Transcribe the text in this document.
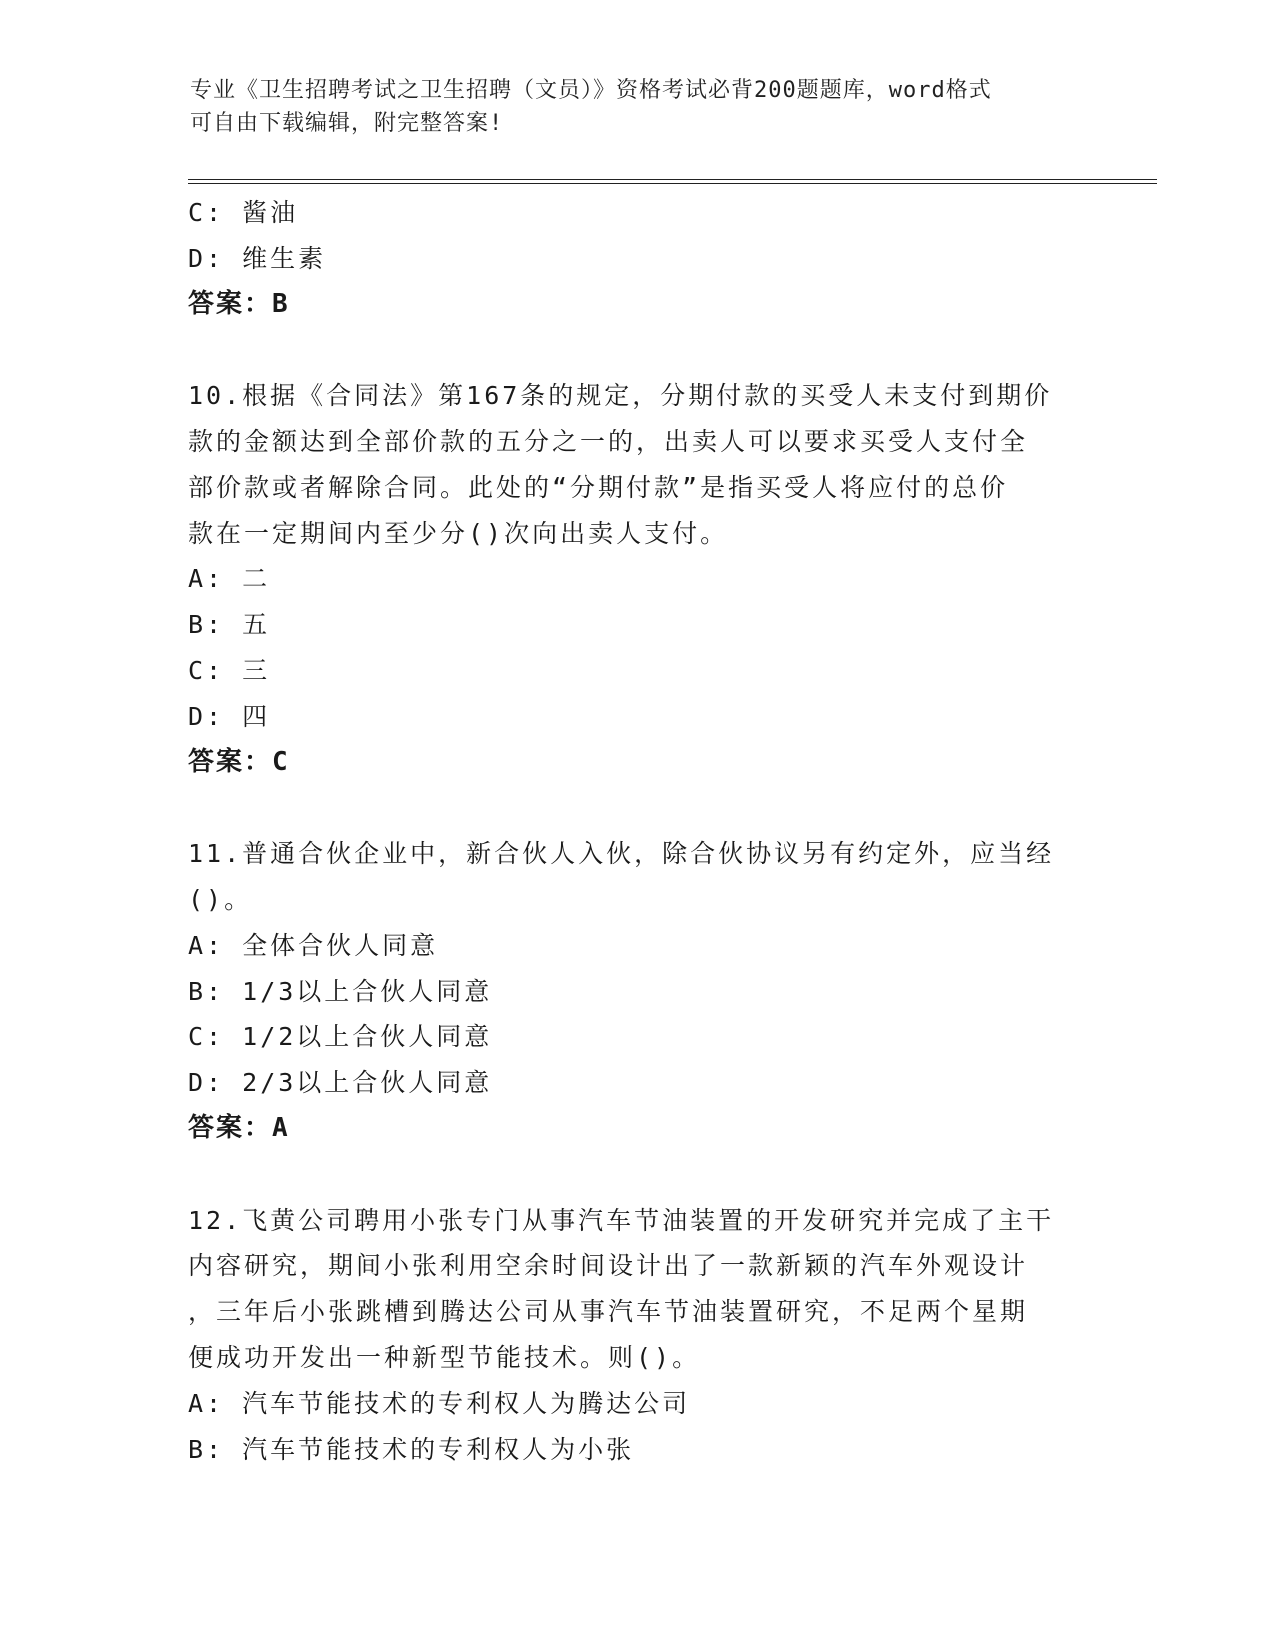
专业《卫生招聘考试之卫生招聘（文员）》资格考试必背200题题库，word格式
可自由下载编辑，附完整答案!
C: 酱油
D: 维生素
答案：B
10.根据《合同法》第167条的规定，分期付款的买受人未支付到期价
款的金额达到全部价款的五分之一的，出卖人可以要求买受人支付全
部价款或者解除合同。此处的“分期付款”是指买受人将应付的总价
款在一定期间内至少分()次向出卖人支付。
A: 二
B: 五
C: 三
D: 四
答案：C
11.普通合伙企业中，新合伙人入伙，除合伙协议另有约定外，应当经
()。
A: 全体合伙人同意
B: 1/3以上合伙人同意
C: 1/2以上合伙人同意
D: 2/3以上合伙人同意
答案：A
12.飞黄公司聘用小张专门从事汽车节油装置的开发研究并完成了主干
内容研究，期间小张利用空余时间设计出了一款新颖的汽车外观设计
，三年后小张跳槽到腾达公司从事汽车节油装置研究，不足两个星期
便成功开发出一种新型节能技术。则()。
A: 汽车节能技术的专利权人为腾达公司
B: 汽车节能技术的专利权人为小张
